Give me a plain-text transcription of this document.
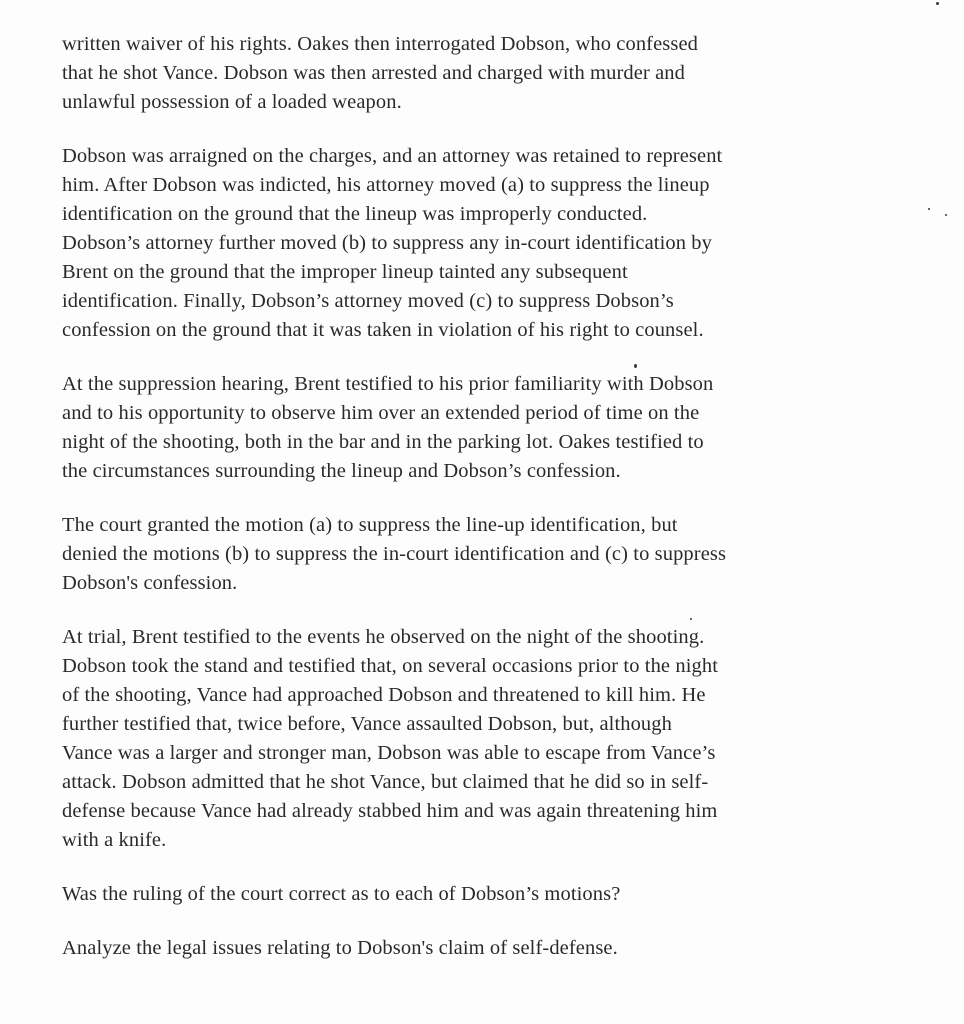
written waiver of his rights. Oakes then interrogated Dobson, who confessed
that he shot Vance. Dobson was then arrested and charged with murder and
unlawful possession of a loaded weapon.

Dobson was arraigned on the charges, and an attorney was retained to represent
him. After Dobson was indicted, his attorney moved (a) to suppress the lineup
identification on the ground that the lineup was improperly conducted.
Dobson’s attorney further moved (b) to suppress any in-court identification by
Brent on the ground that the improper lineup tainted any subsequent
identification. Finally, Dobson’s attorney moved (c) to suppress Dobson’s
confession on the ground that it was taken in violation of his right to counsel.

At the suppression hearing, Brent testified to his prior familiarity with Dobson
and to his opportunity to observe him over an extended period of time on the
night of the shooting, both in the bar and in the parking lot. Oakes testified to
the circumstances surrounding the lineup and Dobson’s confession.

The court granted the motion (a) to suppress the line-up identification, but
denied the motions (b) to suppress the in-court identification and (c) to suppress
Dobson's confession.

At trial, Brent testified to the events he observed on the night of the shooting.
Dobson took the stand and testified that, on several occasions prior to the night
of the shooting, Vance had approached Dobson and threatened to kill him. He
further testified that, twice before, Vance assaulted Dobson, but, although
Vance was a larger and stronger man, Dobson was able to escape from Vance’s
attack. Dobson admitted that he shot Vance, but claimed that he did so in self-
defense because Vance had already stabbed him and was again threatening him
with a knife.

Was the ruling of the court correct as to each of Dobson’s motions?

Analyze the legal issues relating to Dobson's claim of self-defense.
